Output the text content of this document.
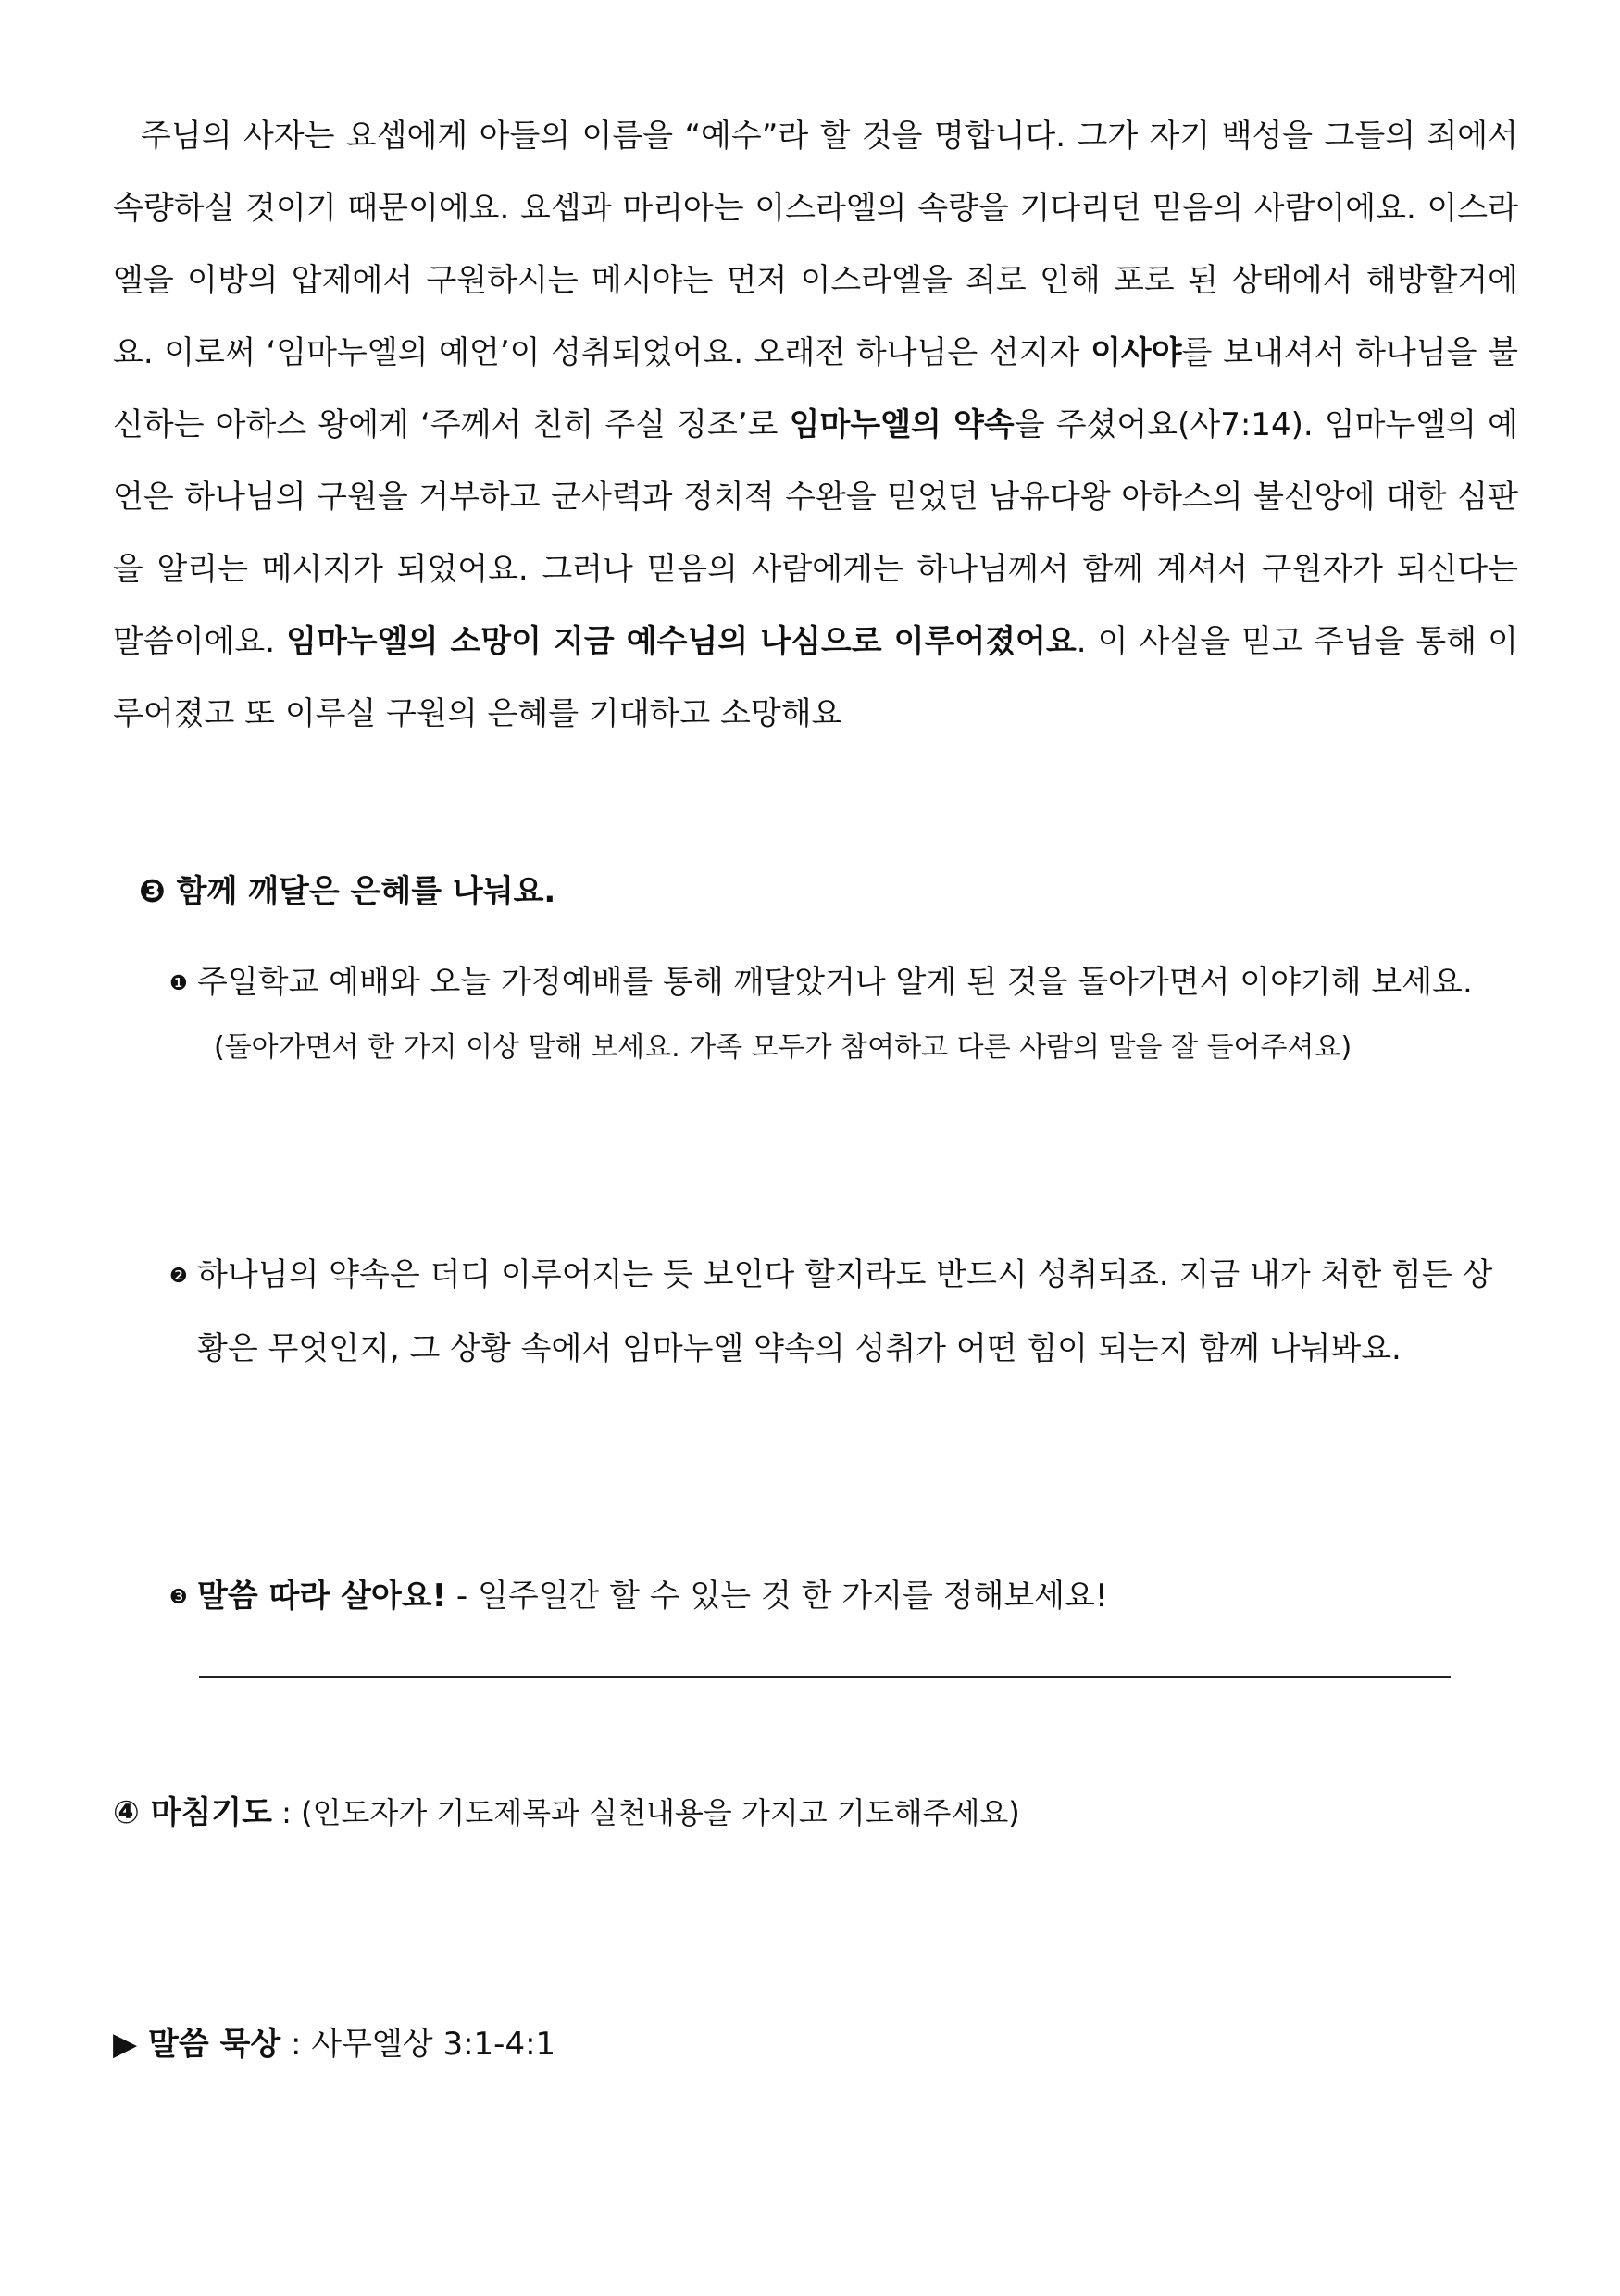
주님의 사자는 요셉에게 아들의 이름을 “예수”라 할 것을 명합니다. 그가 자기 백성을 그들의 죄에서 속량하실 것이기 때문이에요. 요셉과 마리아는 이스라엘의 속량을 기다리던 믿음의 사람이에요. 이스라엘을 이방의 압제에서 구원하시는 메시야는 먼저 이스라엘을 죄로 인해 포로 된 상태에서 해방할거에요. 이로써 ‘임마누엘의 예언’이 성취되었어요. 오래전 하나님은 선지자 이사야를 보내셔서 하나님을 불신하는 아하스 왕에게 ‘주께서 친히 주실 징조’로 임마누엘의 약속을 주셨어요(사7:14). 임마누엘의 예언은 하나님의 구원을 거부하고 군사력과 정치적 수완을 믿었던 남유다왕 아하스의 불신앙에 대한 심판을 알리는 메시지가 되었어요. 그러나 믿음의 사람에게는 하나님께서 함께 계셔서 구원자가 되신다는 말씀이에요. 임마누엘의 소망이 지금 예수님의 나심으로 이루어졌어요. 이 사실을 믿고 주님을 통해 이루어졌고 또 이루실 구원의 은혜를 기대하고 소망해요

❸ 함께 깨달은 은혜를 나눠요.

❶ 주일학교 예배와 오늘 가정예배를 통해 깨달았거나 알게 된 것을 돌아가면서 이야기해 보세요.
(돌아가면서 한 가지 이상 말해 보세요. 가족 모두가 참여하고 다른 사람의 말을 잘 들어주셔요)
❷ 하나님의 약속은 더디 이루어지는 듯 보인다 할지라도 반드시 성취되죠. 지금 내가 처한 힘든 상
황은 무엇인지, 그 상황 속에서 임마누엘 약속의 성취가 어떤 힘이 되는지 함께 나눠봐요.
❸ 말씀 따라 살아요! - 일주일간 할 수 있는 것 한 가지를 정해보세요!

④ 마침기도 : (인도자가 기도제목과 실천내용을 가지고 기도해주세요)

▶ 말씀 묵상 : 사무엘상 3:1-4:1
